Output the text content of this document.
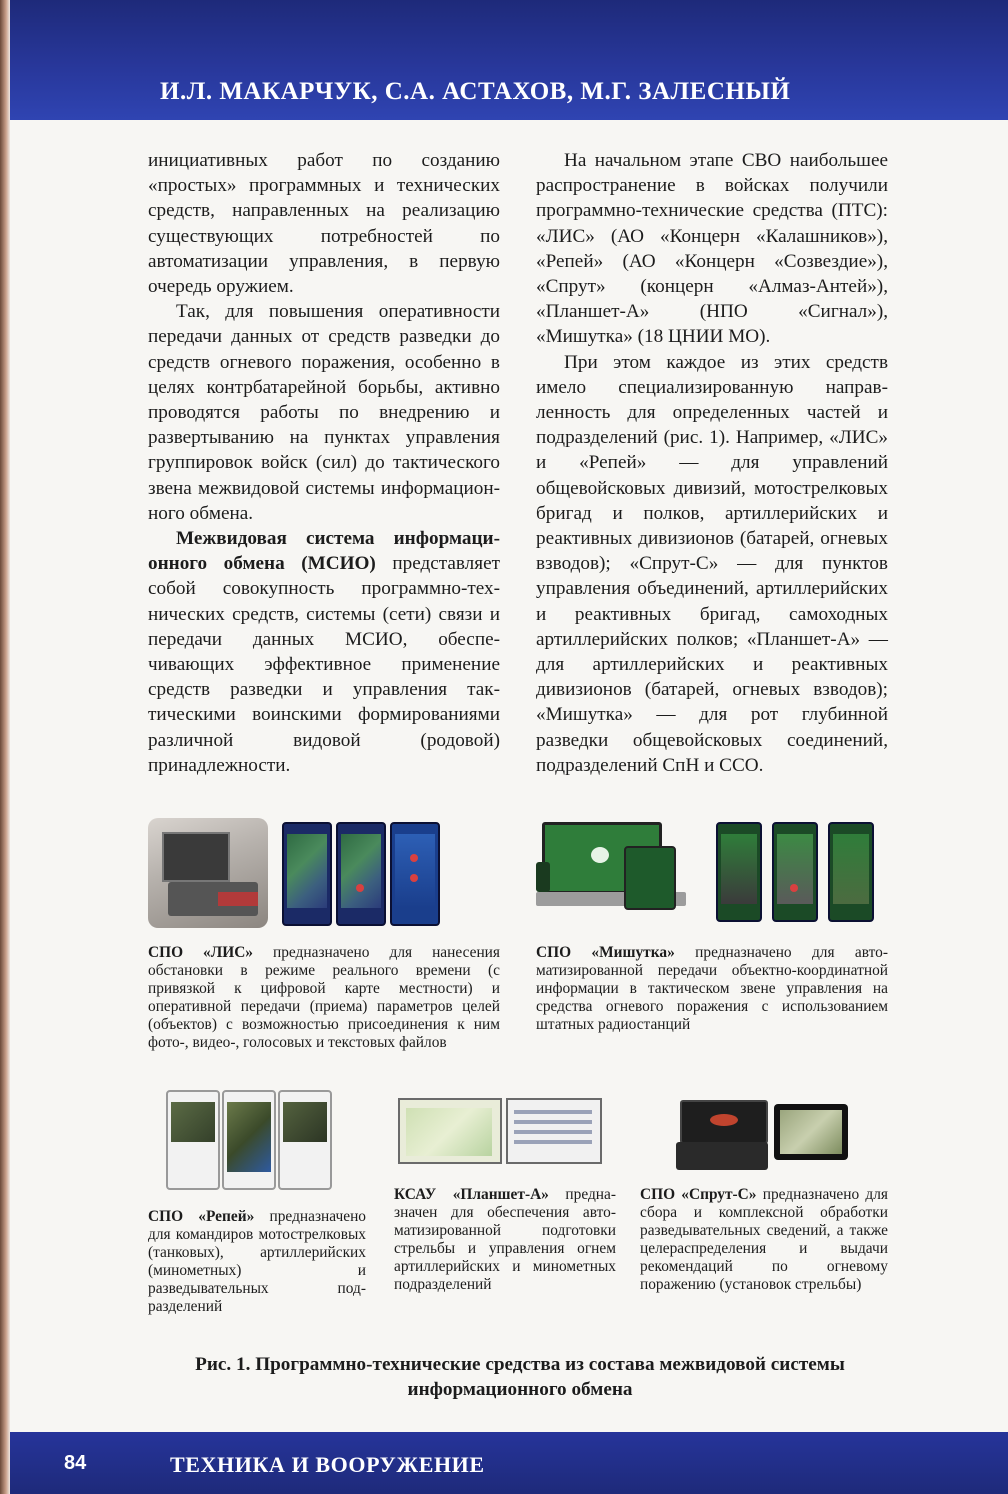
И.Л. МАКАРЧУК, С.А. АСТАХОВ, М.Г. ЗАЛЕСНЫЙ

инициативных работ по созданию «простых» программных и технических средств, направленных на реализацию существующих потребностей по автоматизации управления, в первую очередь оружием.

Так, для повышения оперативности передачи данных от средств разведки до средств огневого поражения, особенно в целях контрбатарейной борьбы, активно проводятся работы по внедрению и развертыванию на пунктах управления группировок войск (сил) до тактического звена межвидовой системы информационного обмена.

Межвидовая система информационного обмена (МСИО) представляет собой совокупность программно-технических средств, системы (сети) связи и передачи данных МСИО, обеспечивающих эффективное применение средств разведки и управления тактическими воинскими формированиями различной видовой (родовой) принадлежности.

На начальном этапе СВО наибольшее распространение в войсках получили программно-технические средства (ПТС): «ЛИС» (АО «Концерн «Калашников»), «Репей» (АО «Концерн «Созвездие»), «Спрут» (концерн «Алмаз-Антей»), «Планшет-А» (НПО «Сигнал»), «Мишутка» (18 ЦНИИ МО).

При этом каждое из этих средств имело специализированную направленность для определенных частей и подразделений (рис. 1). Например, «ЛИС» и «Репей» — для управлений общевойсковых дивизий, мотострелковых бригад и полков, артиллерийских и реактивных дивизионов (батарей, огневых взводов); «Спрут-С» — для пунктов управления объединений, артиллерийских и реактивных бригад, самоходных артиллерийских полков; «Планшет-А» — для артиллерийских и реактивных дивизионов (батарей, огневых взводов); «Мишутка» — для рот глубинной разведки общевойсковых соединений, подразделений СпН и ССО.

СПО «ЛИС» предназначено для нанесения обстановки в режиме реального времени (с привязкой к цифровой карте местности) и оперативной передачи (приема) параметров целей (объектов) с возможностью присоединения к ним фото-, видео-, голосовых и текстовых файлов
СПО «Мишутка» предназначено для автоматизированной передачи объектно-координатной информации в тактическом звене управления на средства огневого поражения с использованием штатных радиостанций
СПО «Репей» предназначено для командиров мотострелковых (танковых), артиллерийских (минометных) и разведывательных подразделений
КСАУ «Планшет-А» предназначен для обеспечения автоматизированной подготовки стрельбы и управления огнем артиллерийских и минометных подразделений
СПО «Спрут-С» предназначено для сбора и комплексной обработки разведывательных сведений, а также целераспределения и выдачи рекомендаций по огневому поражению (установок стрельбы)
Рис. 1. Программно-технические средства из состава межвидовой системы информационного обмена
84	ТЕХНИКА И ВООРУЖЕНИЕ
